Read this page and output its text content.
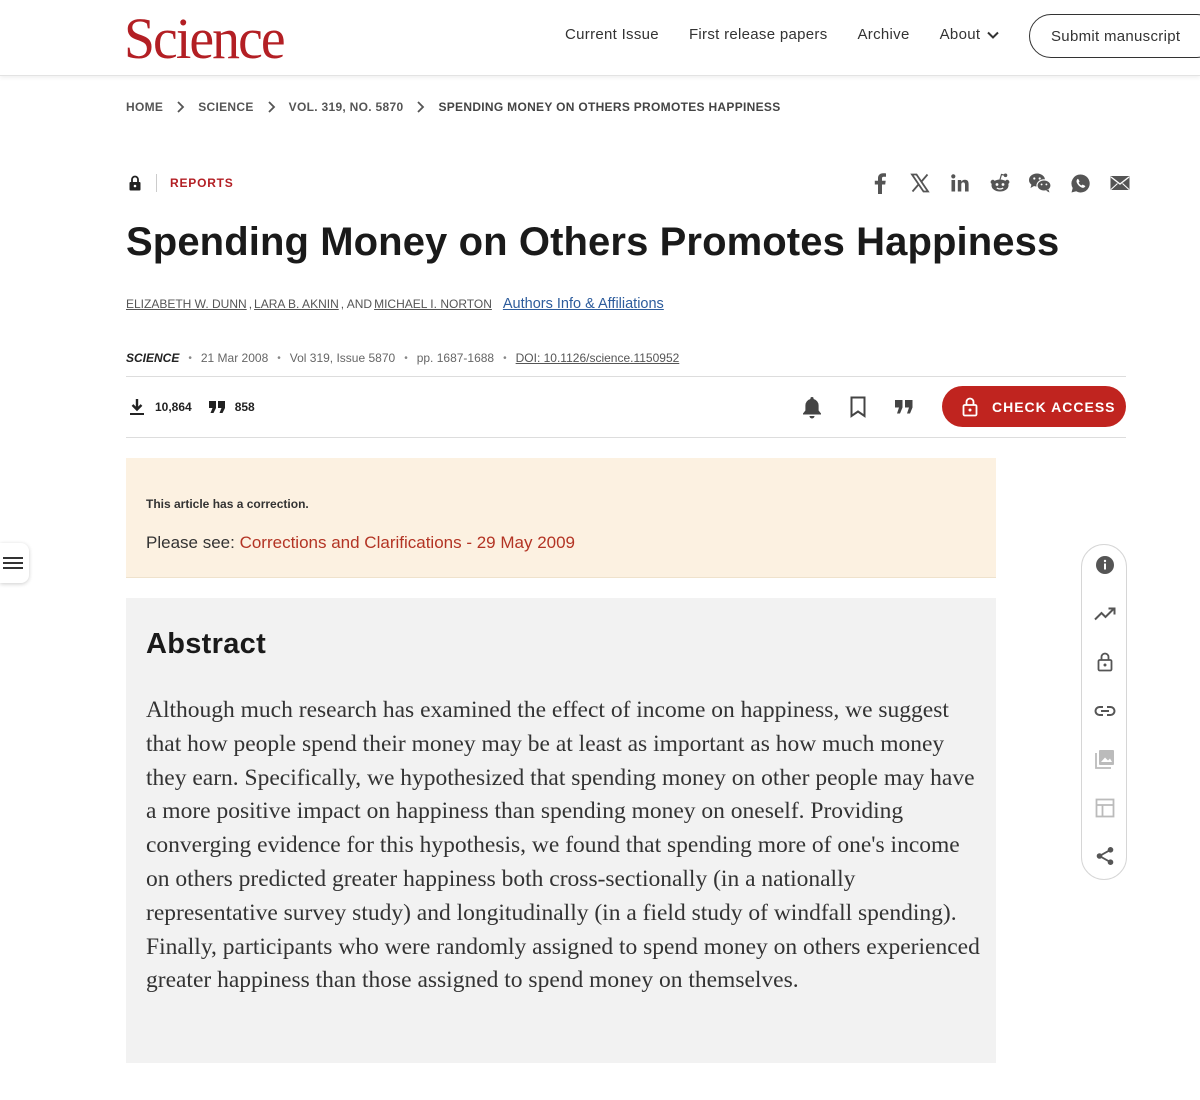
Science	Current Issue First release papers Archive About	Submit manuscript
HOME	SCIENCE	VOL. 319, NO. 5870	SPENDING MONEY ON OTHERS PROMOTES HAPPINESS
REPORTS
Spending Money on Others Promotes Happiness
ELIZABETH W. DUNN , LARA B. AKNIN , AND MICHAEL I. NORTON Authors Info & Affiliations
SCIENCE • 21 Mar 2008 • Vol 319, Issue 5870 • pp. 1687-1688 • DOI: 10.1126/science.1150952
10,864	858	CHECK ACCESS
This article has a correction.
Please see: Corrections and Clarifications - 29 May 2009
Abstract

Although much research has examined the effect of income on happiness, we suggest that how people spend their money may be at least as important as how much money they earn. Specifically, we hypothesized that spending money on other people may have a more positive impact on happiness than spending money on oneself. Providing converging evidence for this hypothesis, we found that spending more of one's income on others predicted greater happiness both cross-sectionally (in a nationally representative survey study) and longitudinally (in a field study of windfall spending). Finally, participants who were randomly assigned to spend money on others experienced greater happiness than those assigned to spend money on themselves.
